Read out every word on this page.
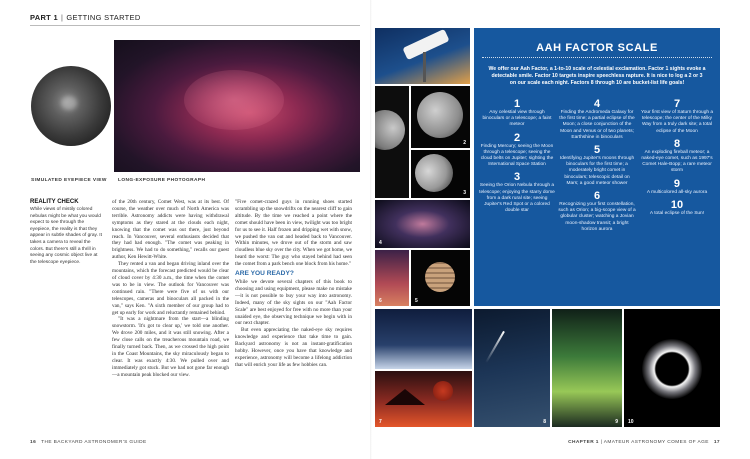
PART 1 | GETTING STARTED
SIMULATED EYEPIECE VIEW LONG-EXPOSURE PHOTOGRAPH
REALITY CHECK
While views of mistily colored nebulas might be what you would expect to see through the eyepiece, the reality is that they appear in subtle shades of gray. It takes a camera to reveal the colors. But there's still a thrill in seeing any cosmic object live at the telescope eyepiece.

of the 20th century, Comet West, was at its best. Of course, the weather over much of North America was terrible. Astronomy addicts were having withdrawal symptoms as they stared at the clouds each night, knowing that the comet was out there, just beyond reach. In Vancouver, several enthusiasts decided that they had had enough. "The comet was peaking in brightness. We had to do something," recalls our guest author, Ken Hewitt-White.

They rented a van and began driving inland over the mountains, which the forecast predicted would be clear of cloud cover by 4:30 a.m., the time when the comet was to be in view. The outlook for Vancouver was continued rain. "There were five of us with our telescopes, cameras and binoculars all packed in the van," says Ken. "A sixth member of our group had to get up early for work and reluctantly remained behind.

"It was a nightmare from the start—a blinding snowstorm. 'It's got to clear up,' we told one another. We drove 200 miles, and it was still snowing. After a few close calls on the treacherous mountain road, we finally turned back. Then, as we crossed the high point in the Coast Mountains, the sky miraculously began to clear. It was exactly 4:30. We pulled over and immediately got stuck. But we had not gone far enough—a mountain peak blocked our view.

"Five comet-crazed guys in running shoes started scrambling up the snowdrifts on the nearest cliff to gain altitude. By the time we reached a point where the comet should have been in view, twilight was too bright for us to see it. Half frozen and dripping wet with snow, we pushed the van out and headed back to Vancouver. Within minutes, we drove out of the storm and saw cloudless blue sky over the city. When we got home, we heard the worst: The guy who stayed behind had seen the comet from a park bench one block from his home."

ARE YOU READY?

While we devote several chapters of this book to choosing and using equipment, please make no mistake—it is not possible to buy your way into astronomy. Indeed, many of the sky sights on our "Aah Factor Scale" are best enjoyed for free with no more than your unaided eye, the observing technique we begin with in our next chapter.

But even appreciating the naked-eye sky requires knowledge and experience that take time to gain. Backyard astronomy is not an instant-gratification hobby. However, once you have that knowledge and experience, astronomy will become a lifelong addiction that will enrich your life as few hobbies can.

16 THE BACKYARD ASTRONOMER'S GUIDE	CHAPTER 1 | AMATEUR ASTRONOMY COMES OF AGE 17
2
3
4
6	5
7	8	9 10
AAH FACTOR SCALE
We offer our Aah Factor, a 1-to-10 scale of celestial exclamation. Factor 1 sights evoke a detectable smile. Factor 10 targets inspire speechless rapture. It is nice to log a 2 or 3 on our scale each night. Factors 8 through 10 are bucket-list life goals!
1
Any celestial view through binoculars or a telescope; a faint meteor
2
Finding Mercury; seeing the Moon through a telescope; seeing the cloud belts on Jupiter; sighting the International Space Station
3
Seeing the Orion Nebula through a telescope; enjoying the starry dome from a dark rural site; seeing Jupiter's Red Spot or a colored double star
4
Finding the Andromeda Galaxy for the first time; a partial eclipse of the Moon; a close conjunction of the Moon and Venus or of two planets; Earthshine in binoculars
5
Identifying Jupiter's moons through binoculars for the first time; a moderately bright comet in binoculars; telescopic detail on Mars; a good meteor shower
6
Recognizing your first constellation, such as Orion; a big-scope view of a globular cluster; watching a Jovian moon-shadow transit; a bright horizon aurora
7
Your first view of Saturn through a telescope; the center of the Milky Way from a truly dark site; a total eclipse of the Moon
8
An exploding fireball meteor; a naked-eye comet, such as 1997's Comet Hale-Bopp; a rare meteor storm
9
A multicolored all-sky aurora
10
A total eclipse of the Sun!
